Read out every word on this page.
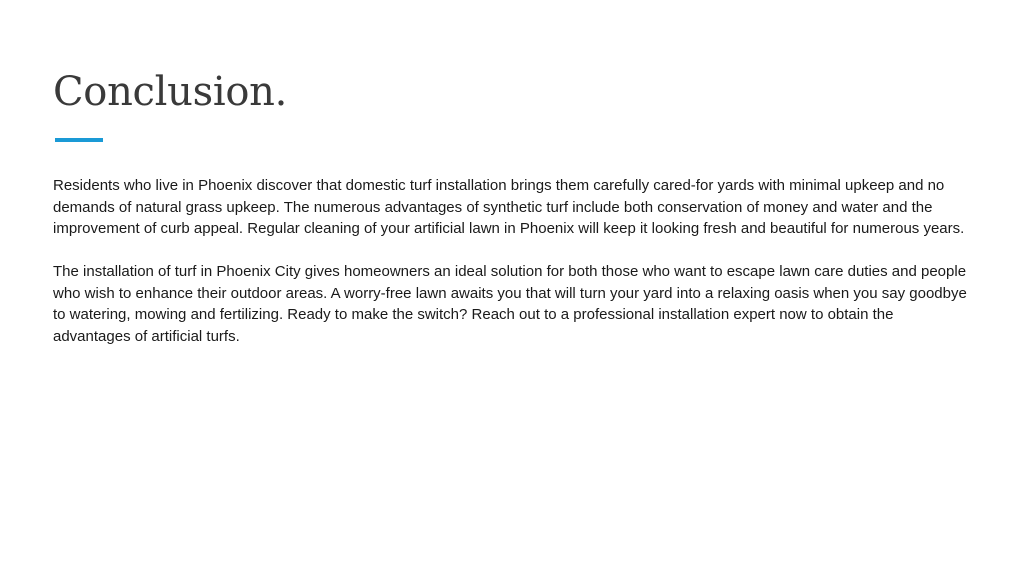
Conclusion.

Residents who live in Phoenix discover that domestic turf installation brings them carefully cared-for yards with minimal upkeep and no demands of natural grass upkeep. The numerous advantages of synthetic turf include both conservation of money and water and the improvement of curb appeal. Regular cleaning of your artificial lawn in Phoenix will keep it looking fresh and beautiful for numerous years.

The installation of turf in Phoenix City gives homeowners an ideal solution for both those who want to escape lawn care duties and people who wish to enhance their outdoor areas. A worry-free lawn awaits you that will turn your yard into a relaxing oasis when you say goodbye to watering, mowing and fertilizing. Ready to make the switch? Reach out to a professional installation expert now to obtain the advantages of artificial turfs.
